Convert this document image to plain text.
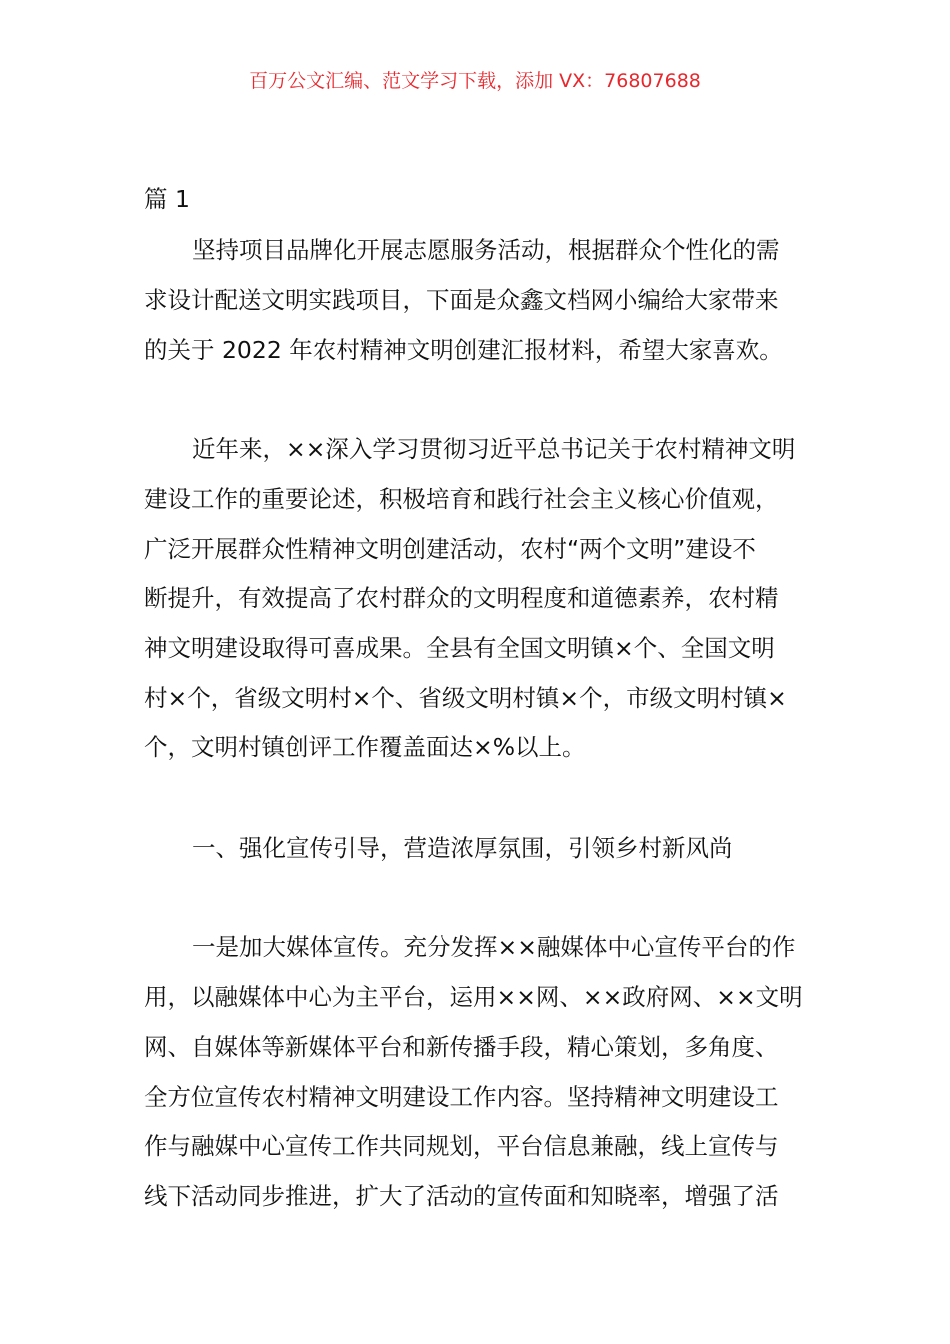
百万公文汇编、范文学习下载，添加 VX：76807688
篇 1
坚持项目品牌化开展志愿服务活动，根据群众个性化的需
求设计配送文明实践项目，下面是众鑫文档网小编给大家带来
的关于 2022 年农村精神文明创建汇报材料，希望大家喜欢。
近年来，××深入学习贯彻习近平总书记关于农村精神文明
建设工作的重要论述，积极培育和践行社会主义核心价值观，
广泛开展群众性精神文明创建活动，农村“两个文明”建设不
断提升，有效提高了农村群众的文明程度和道德素养，农村精
神文明建设取得可喜成果。全县有全国文明镇×个、全国文明
村×个，省级文明村×个、省级文明村镇×个，市级文明村镇×
个，文明村镇创评工作覆盖面达×%以上。
一、强化宣传引导，营造浓厚氛围，引领乡村新风尚
一是加大媒体宣传。充分发挥××融媒体中心宣传平台的作
用，以融媒体中心为主平台，运用××网、××政府网、××文明
网、自媒体等新媒体平台和新传播手段，精心策划，多角度、
全方位宣传农村精神文明建设工作内容。坚持精神文明建设工
作与融媒中心宣传工作共同规划，平台信息兼融，线上宣传与
线下活动同步推进，扩大了活动的宣传面和知晓率，增强了活
